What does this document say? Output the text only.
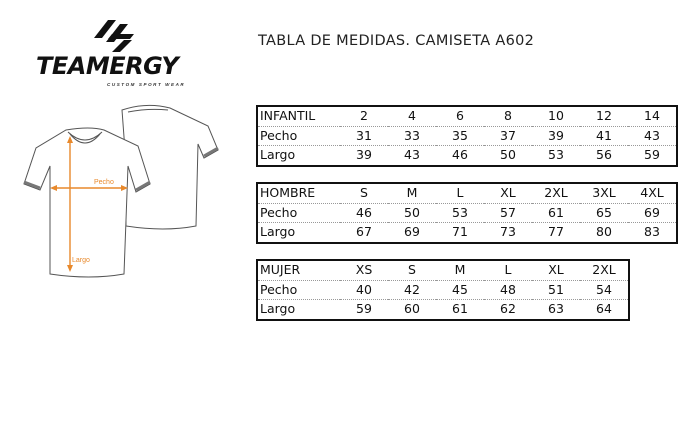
TEAMERGY
CUSTOM SPORT WEAR
TABLA DE MEDIDAS. CAMISETA A602
Pecho
Largo
INFANTIL	2	4	6	8	10	12	14
Pecho	31	33	35	37	39	41	43
Largo	39	43	46	50	53	56	59
HOMBRE	S	M	L	XL	2XL	3XL	4XL
Pecho	46	50	53	57	61	65	69
Largo	67	69	71	73	77	80	83
MUJER	XS	S	M	L	XL	2XL
Pecho	40	42	45	48	51	54
Largo	59	60	61	62	63	64
